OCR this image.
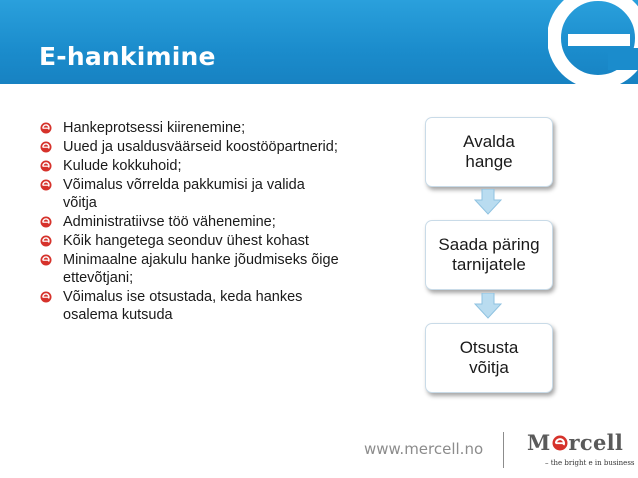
E-hankimine
Hankeprotsessi kiirenemine;
Uued ja usaldusväärseid koostööpartnerid;
Kulude kokkuhoid;
Võimalus võrrelda pakkumisi ja valida võitja
Administratiivse töö vähenemine;
Kõik hangetega seonduv ühest kohast
Minimaalne ajakulu hanke jõudmiseks õige ettevõtjani;
Võimalus ise otsustada, keda hankes osalema kutsuda
Avalda hange
Saada päring tarnijatele
Otsusta võitja
www.mercell.no M rcell
– the bright e in business
